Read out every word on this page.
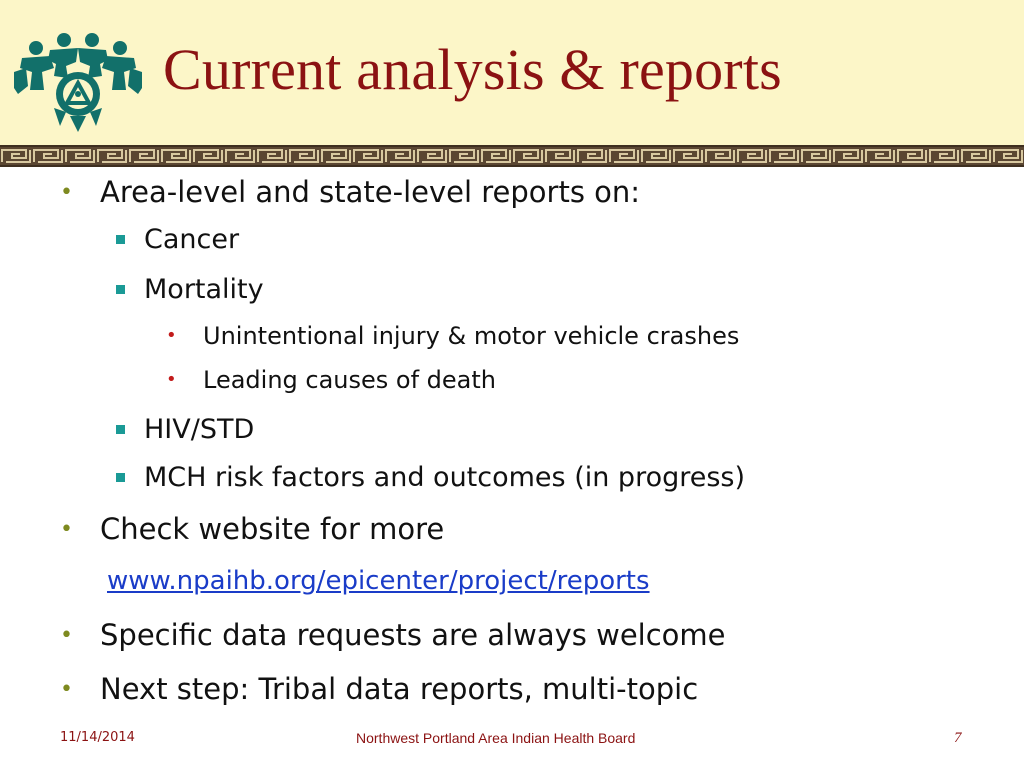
Current analysis & reports
• Area-level and state-level reports on:
Cancer
Mortality
• Unintentional injury & motor vehicle crashes
• Leading causes of death
HIV/STD
MCH risk factors and outcomes (in progress)
• Check website for more
www.npaihb.org/epicenter/project/reports
• Specific data requests are always welcome
• Next step: Tribal data reports, multi-topic
11/14/2014	Northwest Portland Area Indian Health Board	7
